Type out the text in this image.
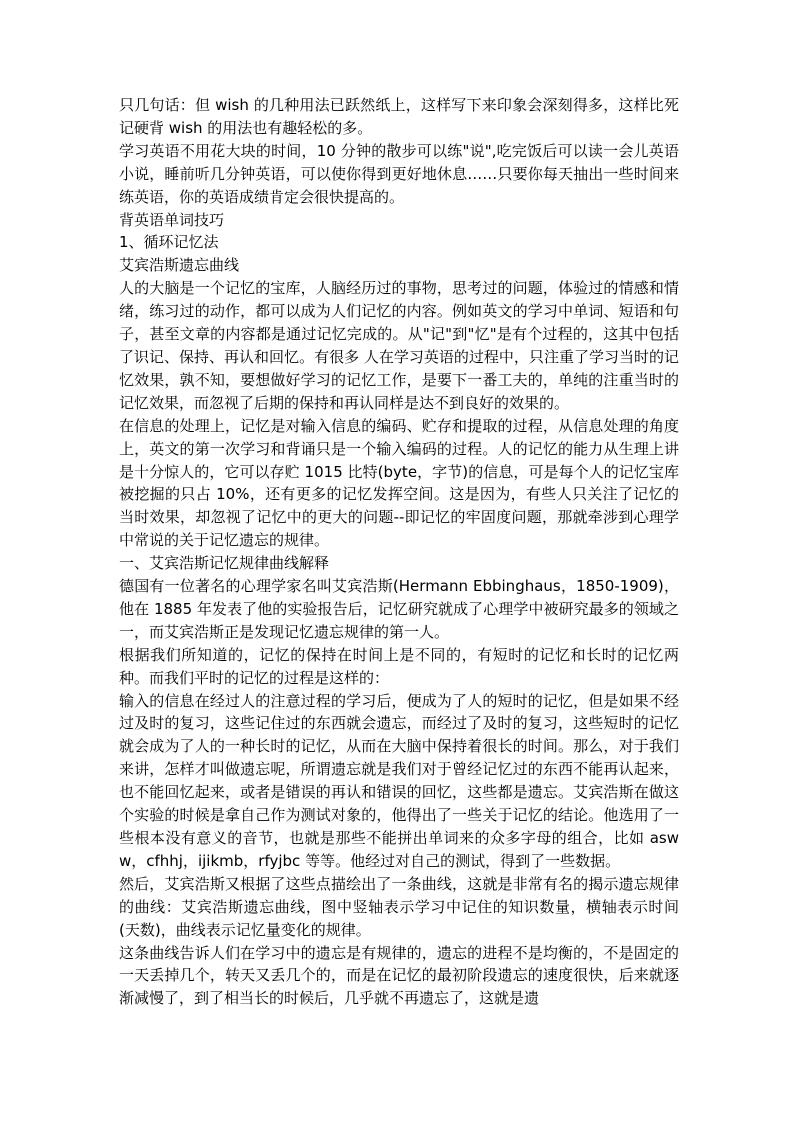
只几句话：但 wish 的几种用法已跃然纸上，这样写下来印象会深刻得多，这样比死记硬背 wish 的用法也有趣轻松的多。

学习英语不用花大块的时间，10 分钟的散步可以练"说",吃完饭后可以读一会儿英语小说，睡前听几分钟英语，可以使你得到更好地休息……只要你每天抽出一些时间来练英语，你的英语成绩肯定会很快提高的。

背英语单词技巧

1、循环记忆法

艾宾浩斯遗忘曲线

人的大脑是一个记忆的宝库，人脑经历过的事物，思考过的问题，体验过的情感和情绪，练习过的动作，都可以成为人们记忆的内容。例如英文的学习中单词、短语和句子，甚至文章的内容都是通过记忆完成的。从"记"到"忆"是有个过程的，这其中包括了识记、保持、再认和回忆。有很多 人在学习英语的过程中，只注重了学习当时的记忆效果，孰不知，要想做好学习的记忆工作，是要下一番工夫的，单纯的注重当时的记忆效果，而忽视了后期的保持和再认同样是达不到良好的效果的。

在信息的处理上，记忆是对输入信息的编码、贮存和提取的过程，从信息处理的角度上，英文的第一次学习和背诵只是一个输入编码的过程。人的记忆的能力从生理上讲是十分惊人的，它可以存贮 1015 比特(byte，字节)的信息，可是每个人的记忆宝库被挖掘的只占 10%，还有更多的记忆发挥空间。这是因为，有些人只关注了记忆的当时效果，却忽视了记忆中的更大的问题--即记忆的牢固度问题，那就牵涉到心理学中常说的关于记忆遗忘的规律。

一、艾宾浩斯记忆规律曲线解释

德国有一位著名的心理学家名叫艾宾浩斯(Hermann Ebbinghaus，1850-1909)，他在 1885 年发表了他的实验报告后，记忆研究就成了心理学中被研究最多的领域之一，而艾宾浩斯正是发现记忆遗忘规律的第一人。

根据我们所知道的，记忆的保持在时间上是不同的，有短时的记忆和长时的记忆两种。而我们平时的记忆的过程是这样的：

输入的信息在经过人的注意过程的学习后，便成为了人的短时的记忆，但是如果不经过及时的复习，这些记住过的东西就会遗忘，而经过了及时的复习，这些短时的记忆就会成为了人的一种长时的记忆，从而在大脑中保持着很长的时间。那么，对于我们来讲，怎样才叫做遗忘呢，所谓遗忘就是我们对于曾经记忆过的东西不能再认起来，也不能回忆起来，或者是错误的再认和错误的回忆，这些都是遗忘。艾宾浩斯在做这个实验的时候是拿自己作为测试对象的，他得出了一些关于记忆的结论。他选用了一些根本没有意义的音节，也就是那些不能拼出单词来的众多字母的组合，比如 asww，cfhhj，ijikmb，rfyjbc 等等。他经过对自己的测试，得到了一些数据。

然后，艾宾浩斯又根据了这些点描绘出了一条曲线，这就是非常有名的揭示遗忘规律的曲线：艾宾浩斯遗忘曲线，图中竖轴表示学习中记住的知识数量，横轴表示时间(天数)，曲线表示记忆量变化的规律。

这条曲线告诉人们在学习中的遗忘是有规律的，遗忘的进程不是均衡的，不是固定的一天丢掉几个，转天又丢几个的，而是在记忆的最初阶段遗忘的速度很快，后来就逐渐减慢了，到了相当长的时候后，几乎就不再遗忘了，这就是遗
